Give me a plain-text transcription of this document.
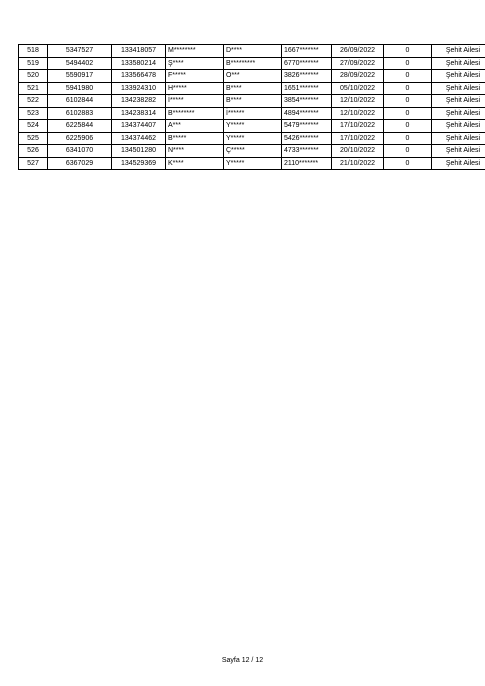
518	5347527	133418057	M********	D****	1667*******	26/09/2022	0	Şehit Ailesi
519	5494402	133580214	Ş****	B*********	6770*******	27/09/2022	0	Şehit Ailesi
520	5590917	133566478	F*****	O***	3826*******	28/09/2022	0	Şehit Ailesi
521	5941980	133924310	H*****	B****	1651*******	05/10/2022	0	Şehit Ailesi
522	6102844	134238282	İ*****	B****	3854*******	12/10/2022	0	Şehit Ailesi
523	6102883	134238314	B********	İ******	4894*******	12/10/2022	0	Şehit Ailesi
524	6225844	134374407	A***	Y*****	5479*******	17/10/2022	0	Şehit Ailesi
525	6225906	134374462	B*****	Y*****	5426*******	17/10/2022	0	Şehit Ailesi
526	6341070	134501280	N****	Ç*****	4733*******	20/10/2022	0	Şehit Ailesi
527	6367029	134529369	K****	Y*****	2110*******	21/10/2022	0	Şehit Ailesi
Sayfa 12 / 12
